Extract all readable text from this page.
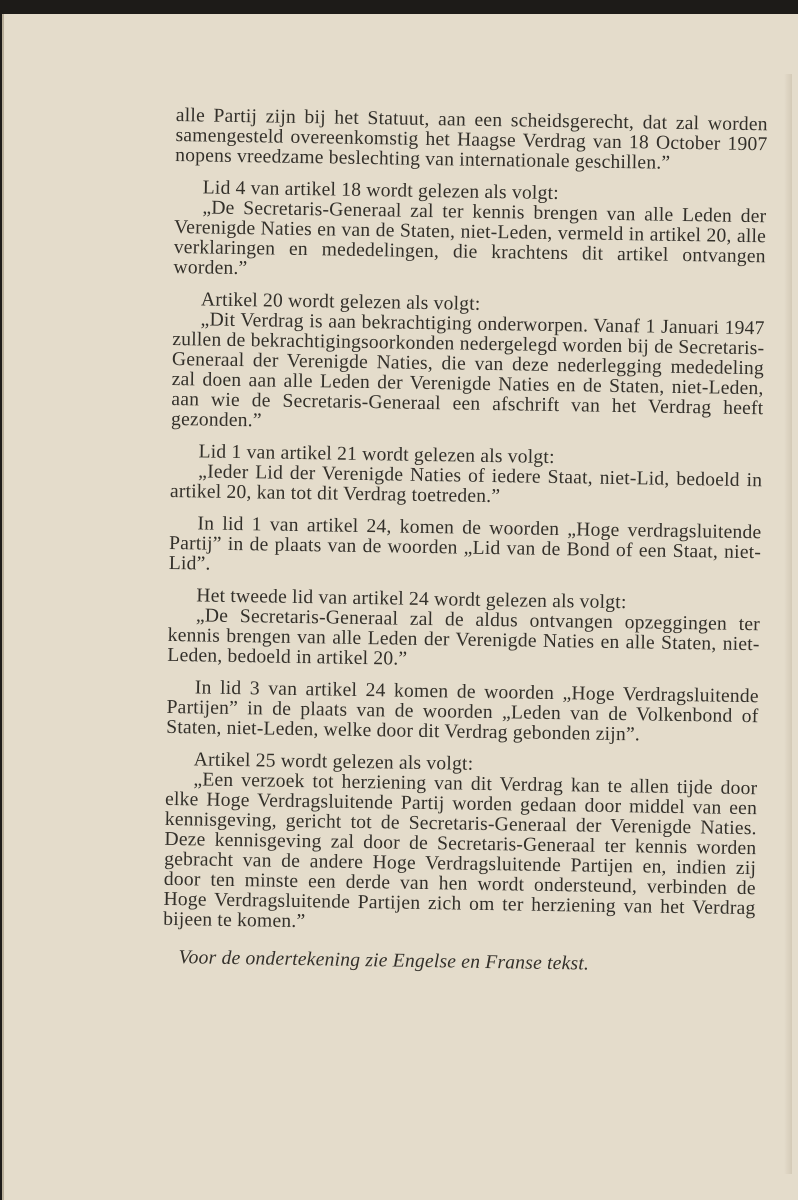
alle Partij zijn bij het Statuut, aan een scheidsgerecht, dat zal worden samengesteld overeenkomstig het Haagse Verdrag van 18 October 1907 nopens vreedzame beslechting van internationale geschillen.”

Lid 4 van artikel 18 wordt gelezen als volgt:

„De Secretaris-Generaal zal ter kennis brengen van alle Leden der Verenigde Naties en van de Staten, niet-Leden, vermeld in artikel 20, alle verklaringen en mededelingen, die krachtens dit artikel ontvangen worden.”

Artikel 20 wordt gelezen als volgt:

„Dit Verdrag is aan bekrachtiging onderworpen. Vanaf 1 Januari 1947 zullen de bekrachtigingsoorkonden nedergelegd worden bij de Secretaris-Generaal der Verenigde Naties, die van deze nederlegging mededeling zal doen aan alle Leden der Verenigde Naties en de Staten, niet-Leden, aan wie de Secretaris-Generaal een afschrift van het Verdrag heeft gezonden.”

Lid 1 van artikel 21 wordt gelezen als volgt:

„Ieder Lid der Verenigde Naties of iedere Staat, niet-Lid, bedoeld in artikel 20, kan tot dit Verdrag toetreden.”

In lid 1 van artikel 24, komen de woorden „Hoge verdragsluitende Partij” in de plaats van de woorden „Lid van de Bond of een Staat, niet-Lid”.

Het tweede lid van artikel 24 wordt gelezen als volgt:

„De Secretaris-Generaal zal de aldus ontvangen opzeggingen ter kennis brengen van alle Leden der Verenigde Naties en alle Staten, niet-Leden, bedoeld in artikel 20.”

In lid 3 van artikel 24 komen de woorden „Hoge Verdragsluitende Partijen” in de plaats van de woorden „Leden van de Volkenbond of Staten, niet-Leden, welke door dit Verdrag gebonden zijn”.

Artikel 25 wordt gelezen als volgt:

„Een verzoek tot herziening van dit Verdrag kan te allen tijde door elke Hoge Verdragsluitende Partij worden gedaan door middel van een kennisgeving, gericht tot de Secretaris-Generaal der Verenigde Naties. Deze kennisgeving zal door de Secretaris-Generaal ter kennis worden gebracht van de andere Hoge Verdragsluitende Partijen en, indien zij door ten minste een derde van hen wordt ondersteund, verbinden de Hoge Verdragsluitende Partijen zich om ter herziening van het Verdrag bijeen te komen.”

Voor de ondertekening zie Engelse en Franse tekst.
